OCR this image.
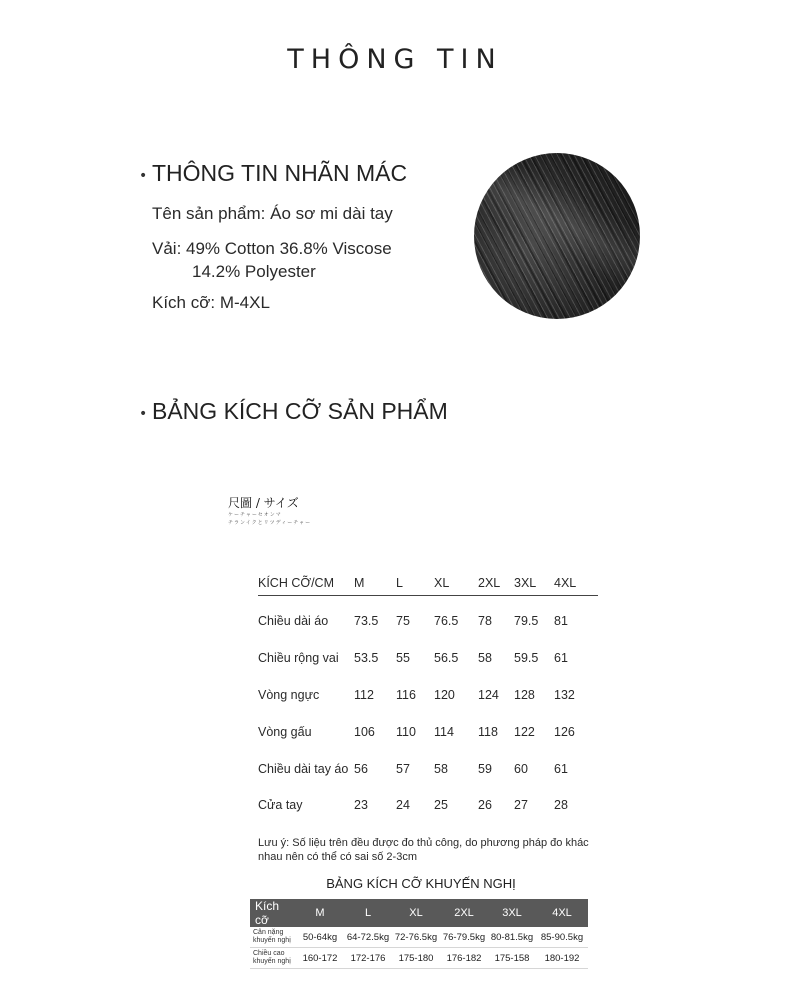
THÔNG TIN
• THÔNG TIN NHÃN MÁC
Tên sản phẩm: Áo sơ mi dài tay
Vải: 49% Cotton 36.8% Viscose
14.2% Polyester
Kích cỡ: M-4XL
• BẢNG KÍCH CỠ SẢN PHẨM
尺圖 / サイズ
ケーチャーセオンマ
チランイクとリツディーチャー
KÍCH CỠ/CM M	L XL 2XL 3XL 4XL
Chiều dài áo 73.5 75 76.5 78 79.5 81
Chiều rộng vai 53.5 55 56.5 58 59.5 61
Vòng ngực	112 116 120 124 128 132
Vòng gấu	106 110 114 118 122 126
Chiều dài tay áo 56 57 58 59 60 61
Cửa tay	23 24 25 26 27 28
Lưu ý: Số liệu trên đều được đo thủ công, do phương pháp đo khác
nhau nên có thể có sai số 2-3cm
BẢNG KÍCH CỠ KHUYẾN NGHỊ
Kích cỡ	M	L	XL	2XL	3XL	4XL
Cân nặng khuyến nghị	50-64kg	64-72.5kg	72-76.5kg	76-79.5kg	80-81.5kg	85-90.5kg
Chiều cao khuyến nghị	160-172	172-176	175-180	176-182	175-158	180-192
